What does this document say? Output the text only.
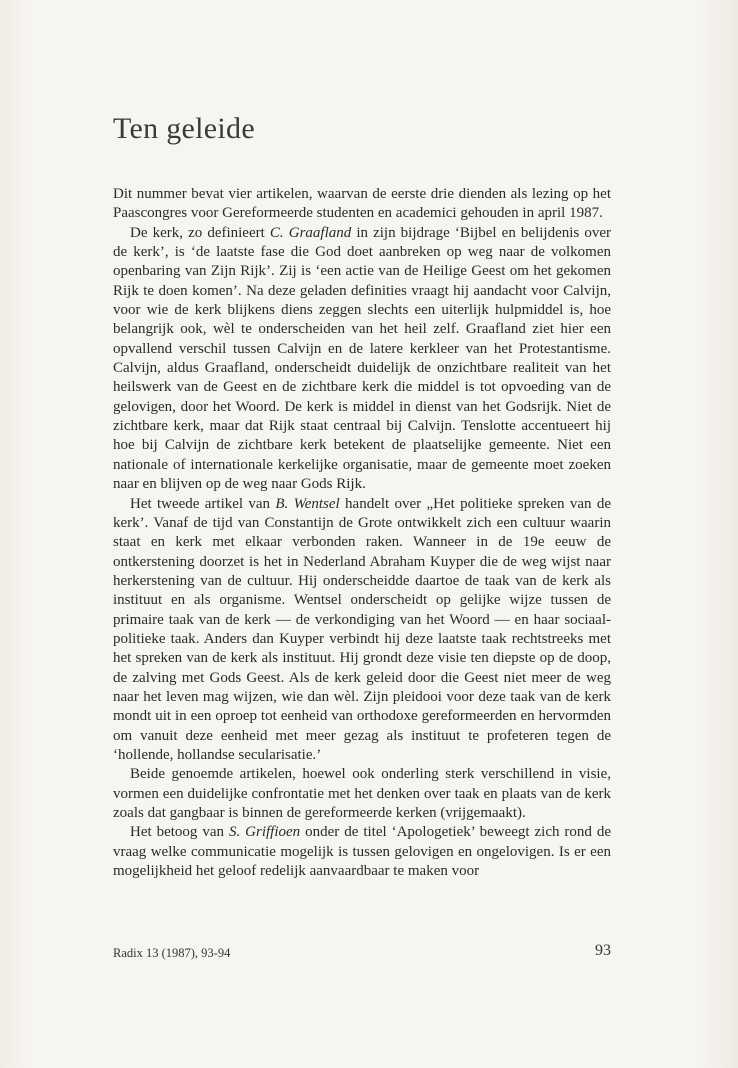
Ten geleide

Dit nummer bevat vier artikelen, waarvan de eerste drie dienden als lezing op het Paascongres voor Gereformeerde studenten en academici gehouden in april 1987.

De kerk, zo definieert C. Graafland in zijn bijdrage ‘Bijbel en belijdenis over de kerk’, is ‘de laatste fase die God doet aanbreken op weg naar de volkomen openbaring van Zijn Rijk’. Zij is ‘een actie van de Heilige Geest om het gekomen Rijk te doen komen’. Na deze geladen definities vraagt hij aandacht voor Calvijn, voor wie de kerk blijkens diens zeggen slechts een uiterlijk hulpmiddel is, hoe belangrijk ook, wèl te onderscheiden van het heil zelf. Graafland ziet hier een opvallend verschil tussen Calvijn en de latere kerkleer van het Protestantisme. Calvijn, aldus Graafland, onderscheidt duidelijk de onzichtbare realiteit van het heilswerk van de Geest en de zichtbare kerk die middel is tot opvoeding van de gelovigen, door het Woord. De kerk is middel in dienst van het Godsrijk. Niet de zichtbare kerk, maar dat Rijk staat centraal bij Calvijn. Tenslotte accentueert hij hoe bij Calvijn de zichtbare kerk betekent de plaatselijke gemeente. Niet een nationale of internationale kerkelijke organisatie, maar de gemeente moet zoeken naar en blijven op de weg naar Gods Rijk.

Het tweede artikel van B. Wentsel handelt over „Het politieke spreken van de kerk’. Vanaf de tijd van Constantijn de Grote ontwikkelt zich een cultuur waarin staat en kerk met elkaar verbonden raken. Wanneer in de 19e eeuw de ontkerstening doorzet is het in Nederland Abraham Kuyper die de weg wijst naar herkerstening van de cultuur. Hij onderscheidde daartoe de taak van de kerk als instituut en als organisme. Wentsel onderscheidt op gelijke wijze tussen de primaire taak van de kerk — de verkondiging van het Woord — en haar sociaal-politieke taak. Anders dan Kuyper verbindt hij deze laatste taak rechtstreeks met het spreken van de kerk als instituut. Hij grondt deze visie ten diepste op de doop, de zalving met Gods Geest. Als de kerk geleid door die Geest niet meer de weg naar het leven mag wijzen, wie dan wèl. Zijn pleidooi voor deze taak van de kerk mondt uit in een oproep tot eenheid van orthodoxe gereformeerden en hervormden om vanuit deze eenheid met meer gezag als instituut te profeteren tegen de ‘hollende, hollandse secularisatie.’

Beide genoemde artikelen, hoewel ook onderling sterk verschillend in visie, vormen een duidelijke confrontatie met het denken over taak en plaats van de kerk zoals dat gangbaar is binnen de gereformeerde kerken (vrijgemaakt).

Het betoog van S. Griffioen onder de titel ‘Apologetiek’ beweegt zich rond de vraag welke communicatie mogelijk is tussen gelovigen en ongelovigen. Is er een mogelijkheid het geloof redelijk aanvaardbaar te maken voor

Radix 13 (1987), 93-94	93
